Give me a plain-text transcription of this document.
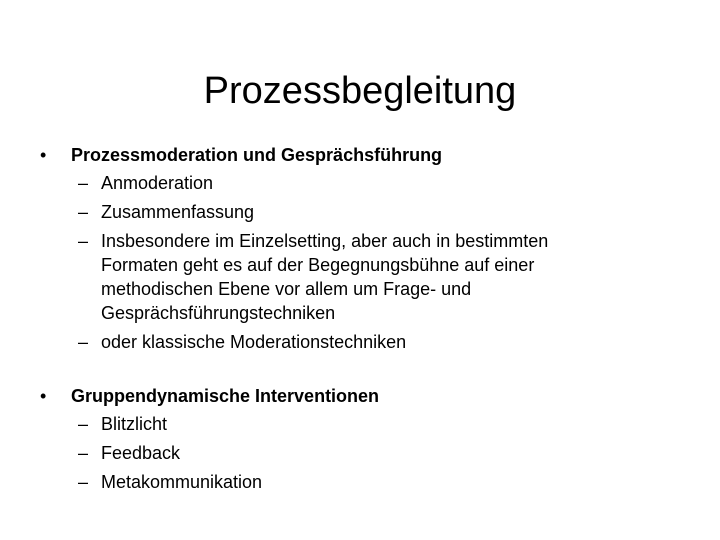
Prozessbegleitung
•	Prozessmoderation und Gesprächsführung
– Anmoderation
– Zusammenfassung
– Insbesondere im Einzelsetting, aber auch in bestimmten Formaten geht es auf der Begegnungsbühne auf einer methodischen Ebene vor allem um Frage- und Gesprächsführungstechniken
– oder klassische Moderationstechniken
•	Gruppendynamische Interventionen
– Blitzlicht
– Feedback
– Metakommunikation
